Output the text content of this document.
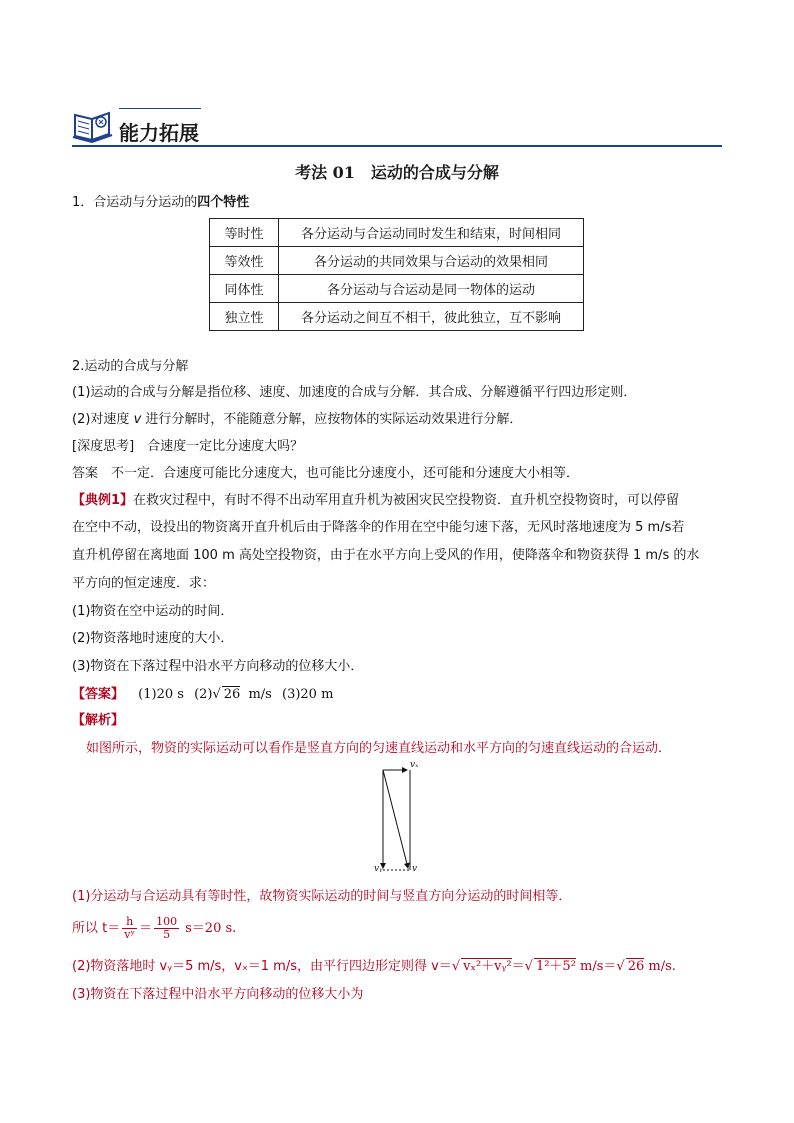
能力拓展
考法 01　运动的合成与分解
1．合运动与分运动的四个特性
等时性	各分运动与合运动同时发生和结束，时间相同
等效性	各分运动的共同效果与合运动的效果相同
同体性	各分运动与合运动是同一物体的运动
独立性	各分运动之间互不相干，彼此独立，互不影响
2.运动的合成与分解
(1)运动的合成与分解是指位移、速度、加速度的合成与分解．其合成、分解遵循平行四边形定则．
(2)对速度 v 进行分解时，不能随意分解，应按物体的实际运动效果进行分解．
[深度思考]　合速度一定比分速度大吗？
答案　不一定．合速度可能比分速度大，也可能比分速度小，还可能和分速度大小相等．
【典例1】在救灾过程中，有时不得不出动军用直升机为被困灾民空投物资．直升机空投物资时，可以停留
在空中不动，设投出的物资离开直升机后由于降落伞的作用在空中能匀速下落，无风时落地速度为 5 m/s若
直升机停留在离地面 100 m 高处空投物资，由于在水平方向上受风的作用，使降落伞和物资获得 1 m/s 的水
平方向的恒定速度．求：
(1)物资在空中运动的时间．
(2)物资落地时速度的大小．
(3)物资在下落过程中沿水平方向移动的位移大小．
【答案】 (1)20 s (2)√ 26 m/s (3)20 m
【解析】
如图所示，物资的实际运动可以看作是竖直方向的匀速直线运动和水平方向的匀速直线运动的合运动．
vₓ
vᵧ	v
(1)分运动与合运动具有等时性，故物资实际运动的时间与竖直方向分运动的时间相等．
所以 $t= \frac{h}{\text{vʸ}} = \frac{100}{5} s=20$ s.
(2)物资落地时 vᵧ＝5 m/s，vₓ＝1 m/s，由平行四边形定则得 v＝√ vₓ²＋vᵧ²＝√ 1²＋5² m/s＝√ 26 m/s.
(3)物资在下落过程中沿水平方向移动的位移大小为
